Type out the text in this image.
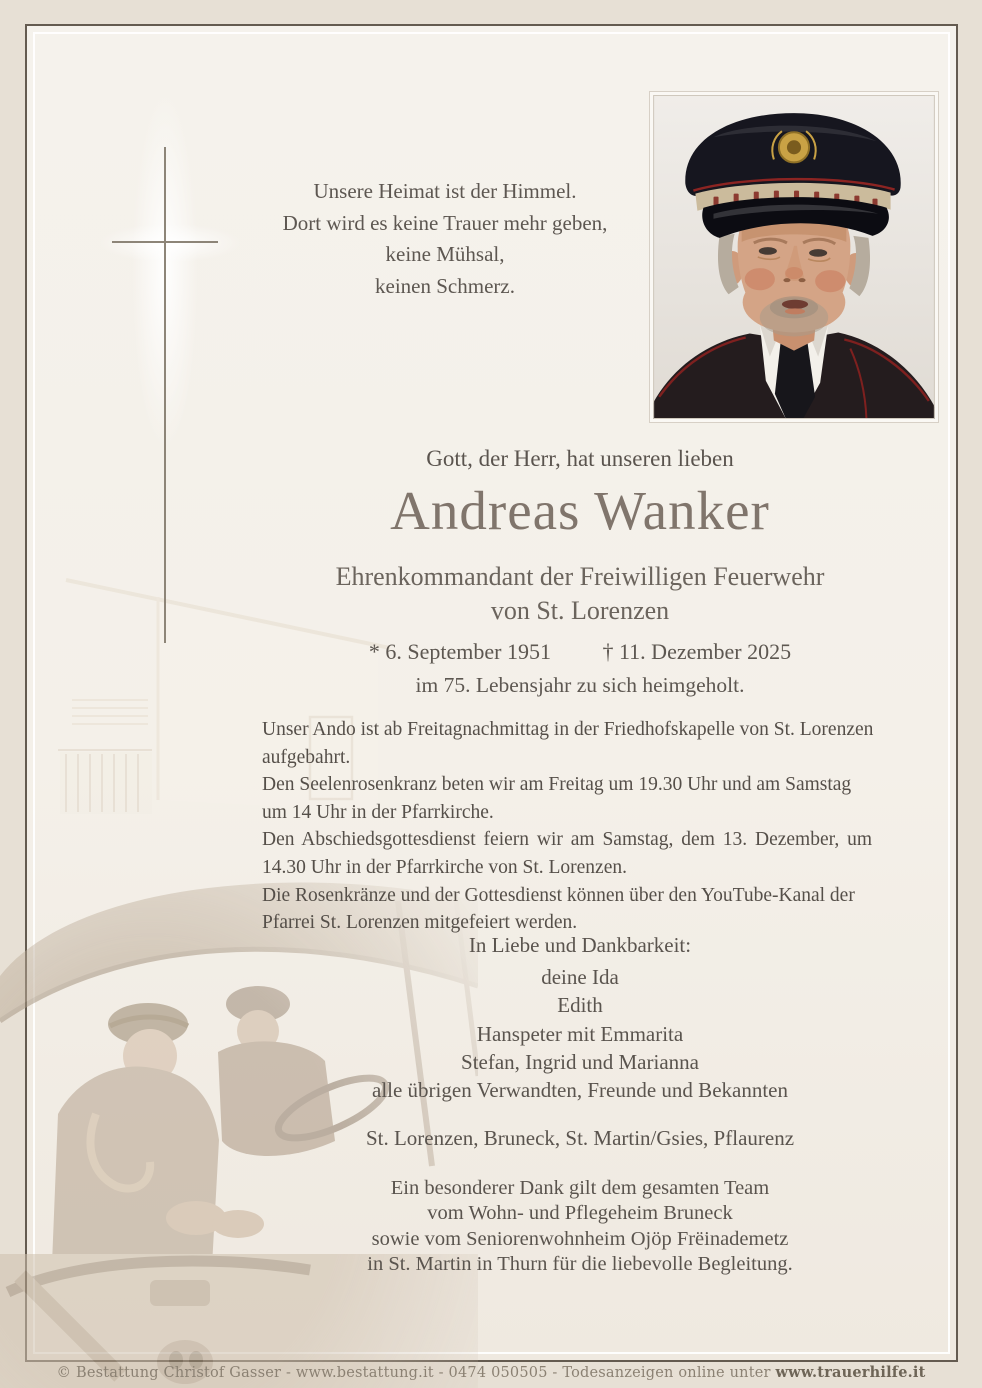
Unsere Heimat ist der Himmel.
Dort wird es keine Trauer mehr geben,
keine Mühsal,
keinen Schmerz.
Gott, der Herr, hat unseren lieben
Andreas Wanker
Ehrenkommandant der Freiwilligen Feuerwehr
von St. Lorenzen
* 6. September 1951 † 11. Dezember 2025
im 75. Lebensjahr zu sich heimgeholt.
Unser Ando ist ab Freitagnachmittag in der Friedhofskapelle von St. Lorenzen
aufgebahrt.
Den Seelenrosenkranz beten wir am Freitag um 19.30 Uhr und am Samstag
um 14 Uhr in der Pfarrkirche.
Den Abschiedsgottesdienst feiern wir am Samstag, dem 13. Dezember, um
14.30 Uhr in der Pfarrkirche von St. Lorenzen.
Die Rosenkränze und der Gottesdienst können über den YouTube-Kanal der
Pfarrei St. Lorenzen mitgefeiert werden.
In Liebe und Dankbarkeit:
deine Ida
Edith
Hanspeter mit Emmarita
Stefan, Ingrid und Marianna
alle übrigen Verwandten, Freunde und Bekannten
St. Lorenzen, Bruneck, St. Martin/Gsies, Pflaurenz
Ein besonderer Dank gilt dem gesamten Team
vom Wohn- und Pflegeheim Bruneck
sowie vom Seniorenwohnheim Ojöp Frëinademetz
in St. Martin in Thurn für die liebevolle Begleitung.
© Bestattung Christof Gasser - www.bestattung.it - 0474 050505 - Todesanzeigen online unter www.trauerhilfe.it
